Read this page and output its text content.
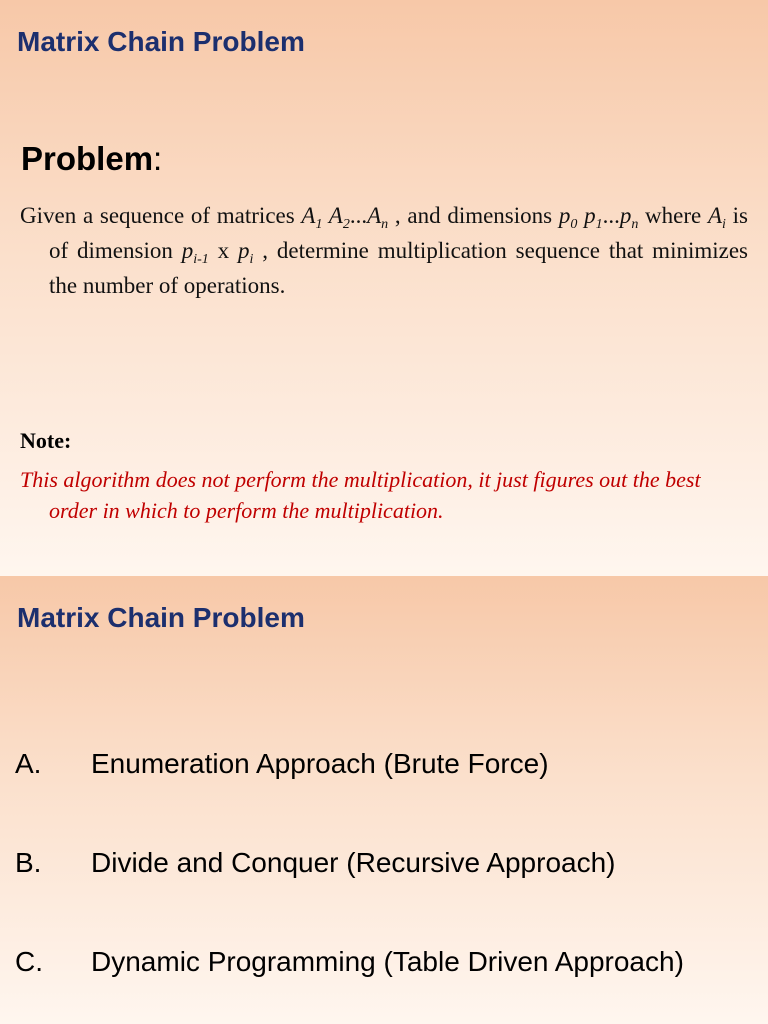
Matrix Chain Problem
Problem:
Given a sequence of matrices $A_1$ $A_2...A_n$ , and dimensions $p_0$ $p_1...p_n$ where $A_i$ is of dimension $p_{i-1}$ x $p_i$ , determine multiplication sequence that minimizes the number of operations.
Note:
This algorithm does not perform the multiplication, it just figures out the best order in which to perform the multiplication.
Matrix Chain Problem
A. Enumeration Approach (Brute Force)
B. Divide and Conquer (Recursive Approach)
C. Dynamic Programming (Table Driven Approach)
